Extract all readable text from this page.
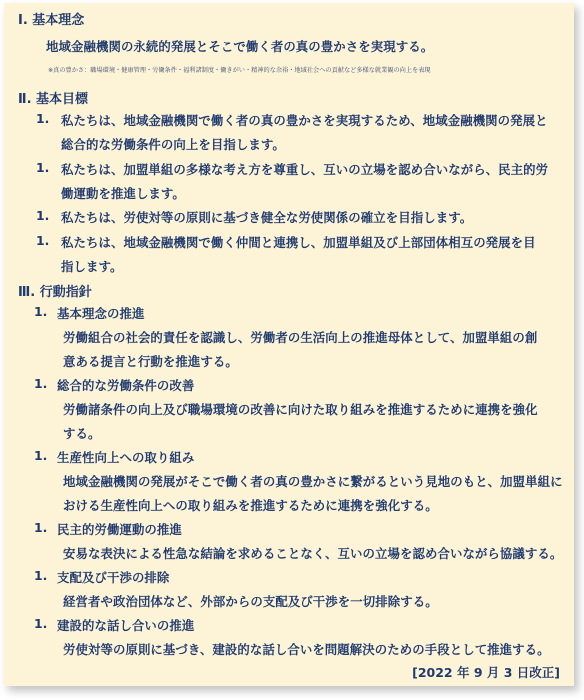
Ⅰ. 基本理念
地域金融機関の永続的発展とそこで働く者の真の豊かさを実現する。
※真の豊かさ：職場環境・健康管理・労働条件・福利諸制度・働きがい・精神的な余裕・地域社会への貢献など多様な就業観の向上を表現
Ⅱ. 基本目標
1. 私たちは、地域金融機関で働く者の真の豊かさを実現するため、地域金融機関の発展と
総合的な労働条件の向上を目指します。
1. 私たちは、加盟単組の多様な考え方を尊重し、互いの立場を認め合いながら、民主的労
働運動を推進します。
1. 私たちは、労使対等の原則に基づき健全な労使関係の確立を目指します。
1. 私たちは、地域金融機関で働く仲間と連携し、加盟単組及び上部団体相互の発展を目
指します。
Ⅲ. 行動指針
1. 基本理念の推進
労働組合の社会的責任を認識し、労働者の生活向上の推進母体として、加盟単組の創
意ある提言と行動を推進する。
1. 総合的な労働条件の改善
労働諸条件の向上及び職場環境の改善に向けた取り組みを推進するために連携を強化
する。
1. 生産性向上への取り組み
地域金融機関の発展がそこで働く者の真の豊かさに繋がるという見地のもと、加盟単組に
おける生産性向上への取り組みを推進するために連携を強化する。
1. 民主的労働運動の推進
安易な表決による性急な結論を求めることなく、互いの立場を認め合いながら協議する。
1. 支配及び干渉の排除
経営者や政治団体など、外部からの支配及び干渉を一切排除する。
1. 建設的な話し合いの推進
労使対等の原則に基づき、建設的な話し合いを問題解決のための手段として推進する。
[2022 年 9 月 3 日改正]
